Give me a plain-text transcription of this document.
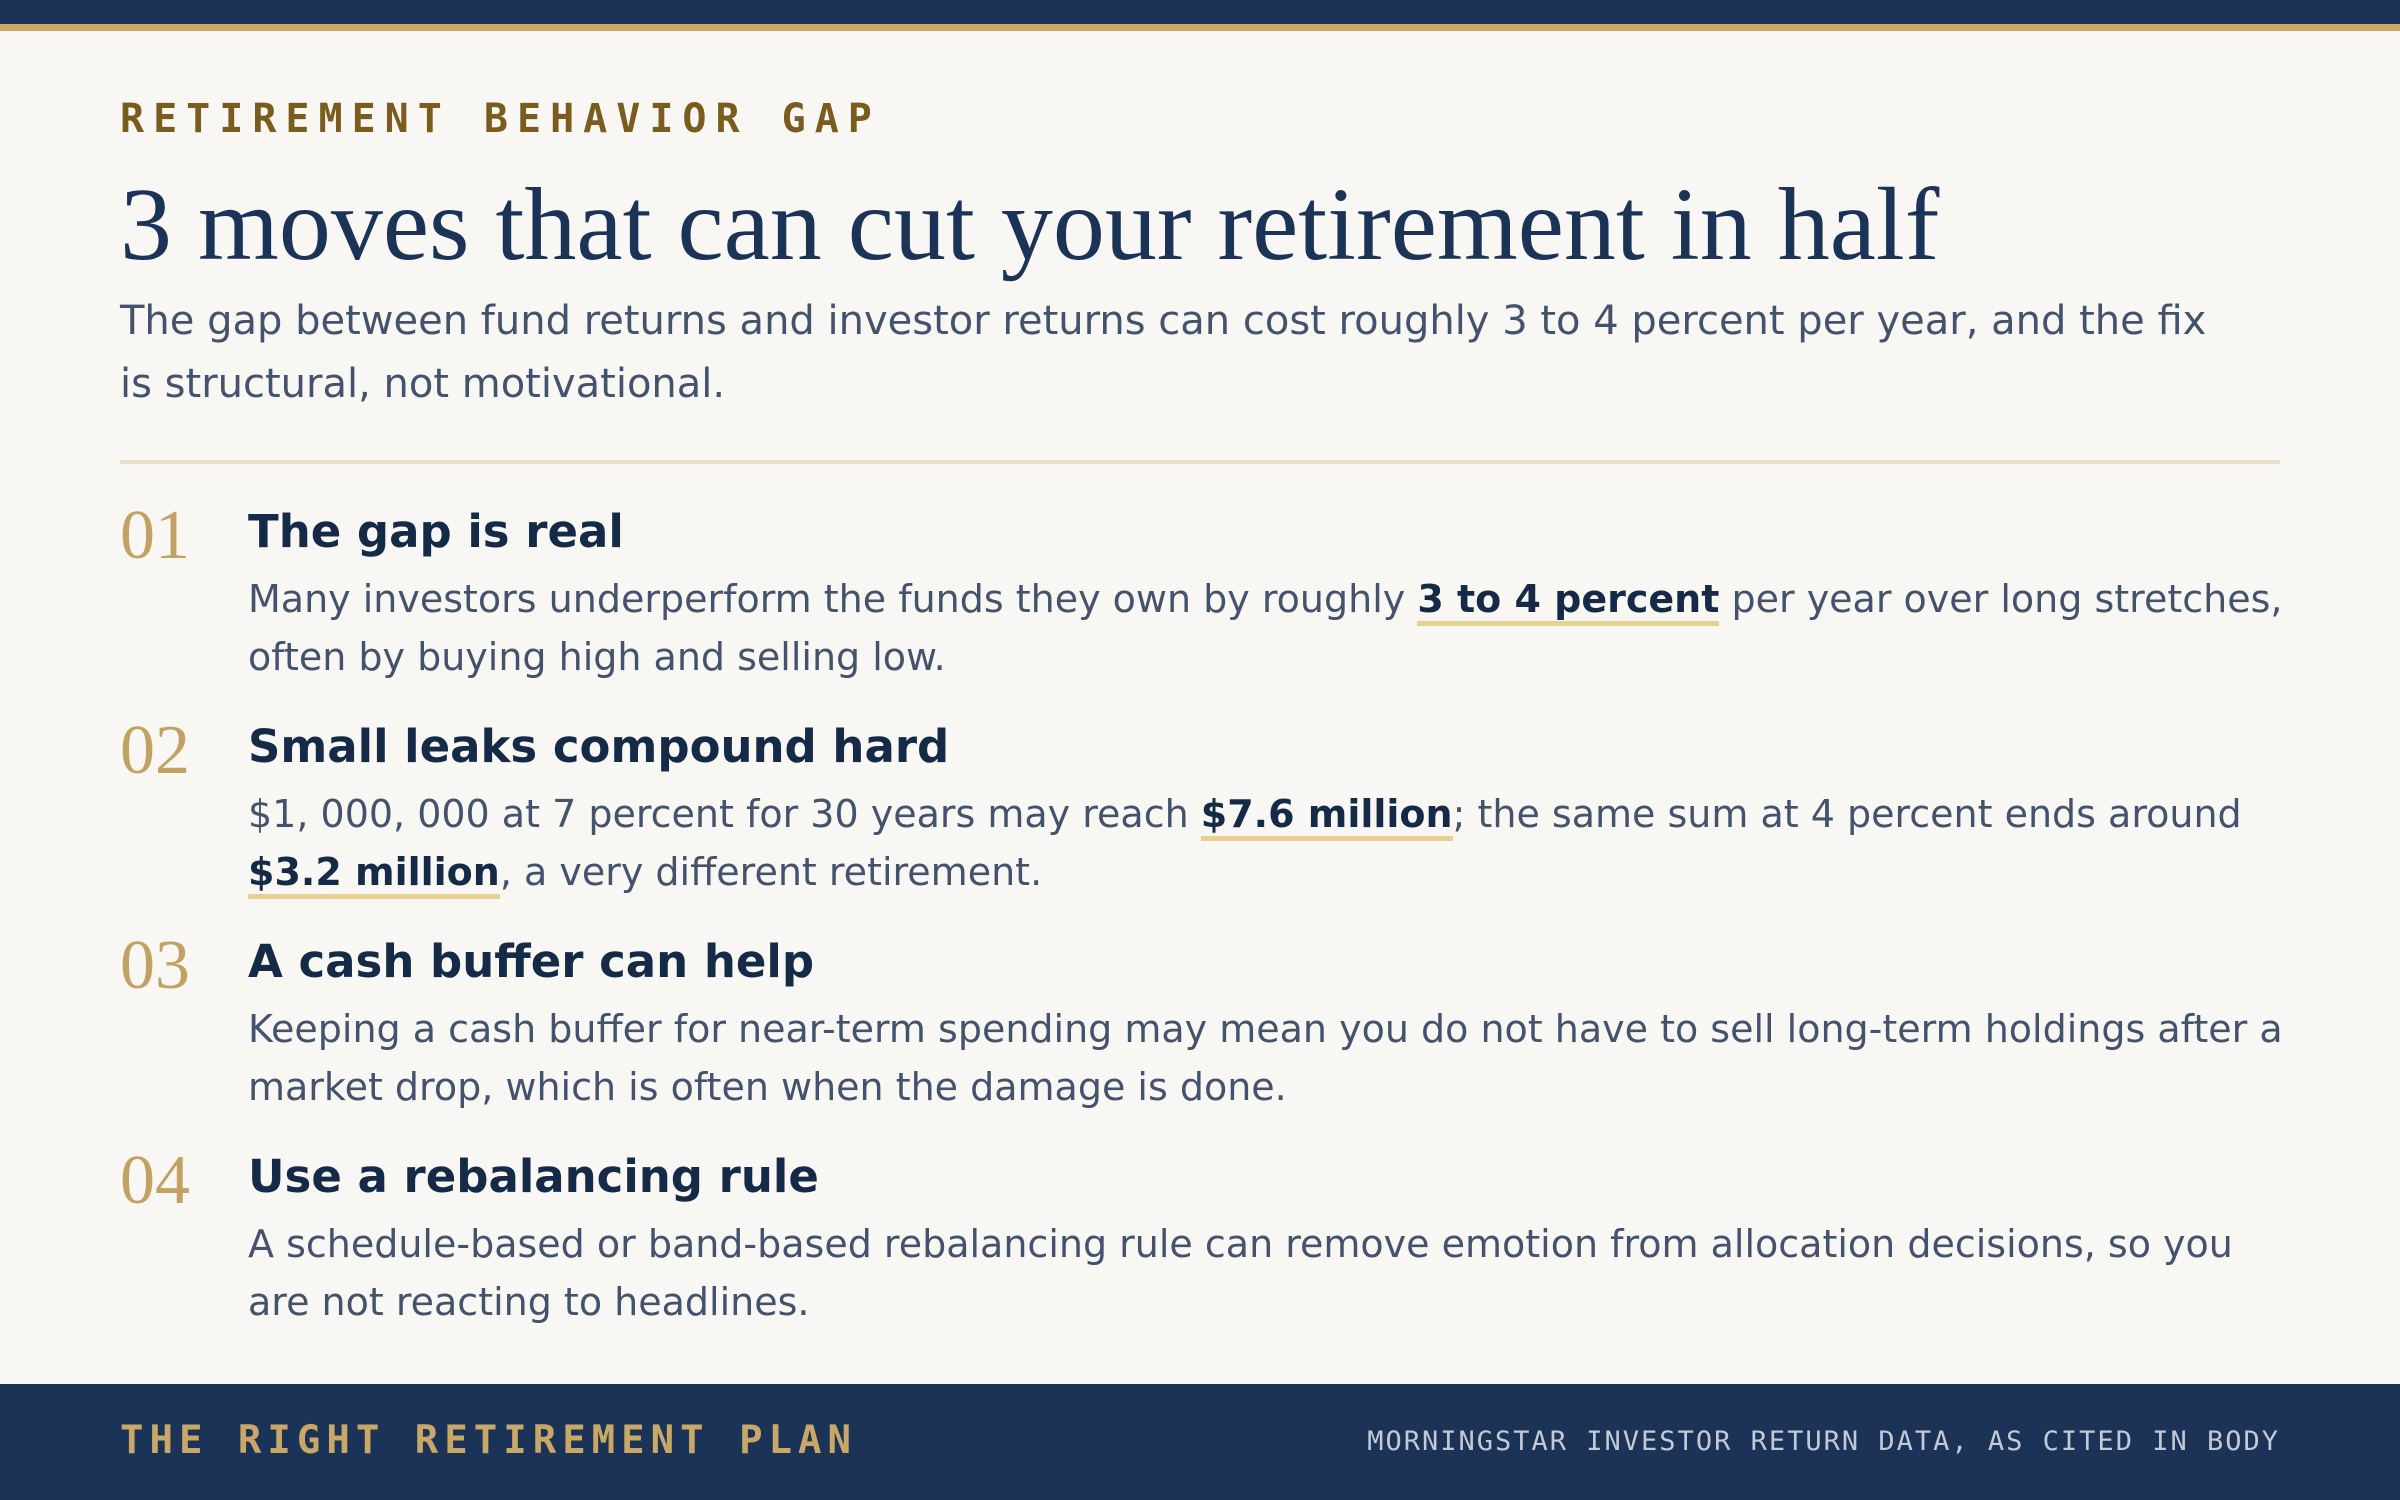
RETIREMENT BEHAVIOR GAP
3 moves that can cut your retirement in half
The gap between fund returns and investor returns can cost roughly 3 to 4 percent per year, and the fix is structural, not motivational.
01 The gap is real
Many investors underperform the funds they own by roughly 3 to 4 percent per year over long stretches, often by buying high and selling low.
02 Small leaks compound hard
$1, 000, 000 at 7 percent for 30 years may reach $7.6 million; the same sum at 4 percent ends around $3.2 million, a very different retirement.
03 A cash buffer can help
Keeping a cash buffer for near-term spending may mean you do not have to sell long-term holdings after a market drop, which is often when the damage is done.
04 Use a rebalancing rule
A schedule-based or band-based rebalancing rule can remove emotion from allocation decisions, so you are not reacting to headlines.
THE RIGHT RETIREMENT PLAN	MORNINGSTAR INVESTOR RETURN DATA, AS CITED IN BODY
